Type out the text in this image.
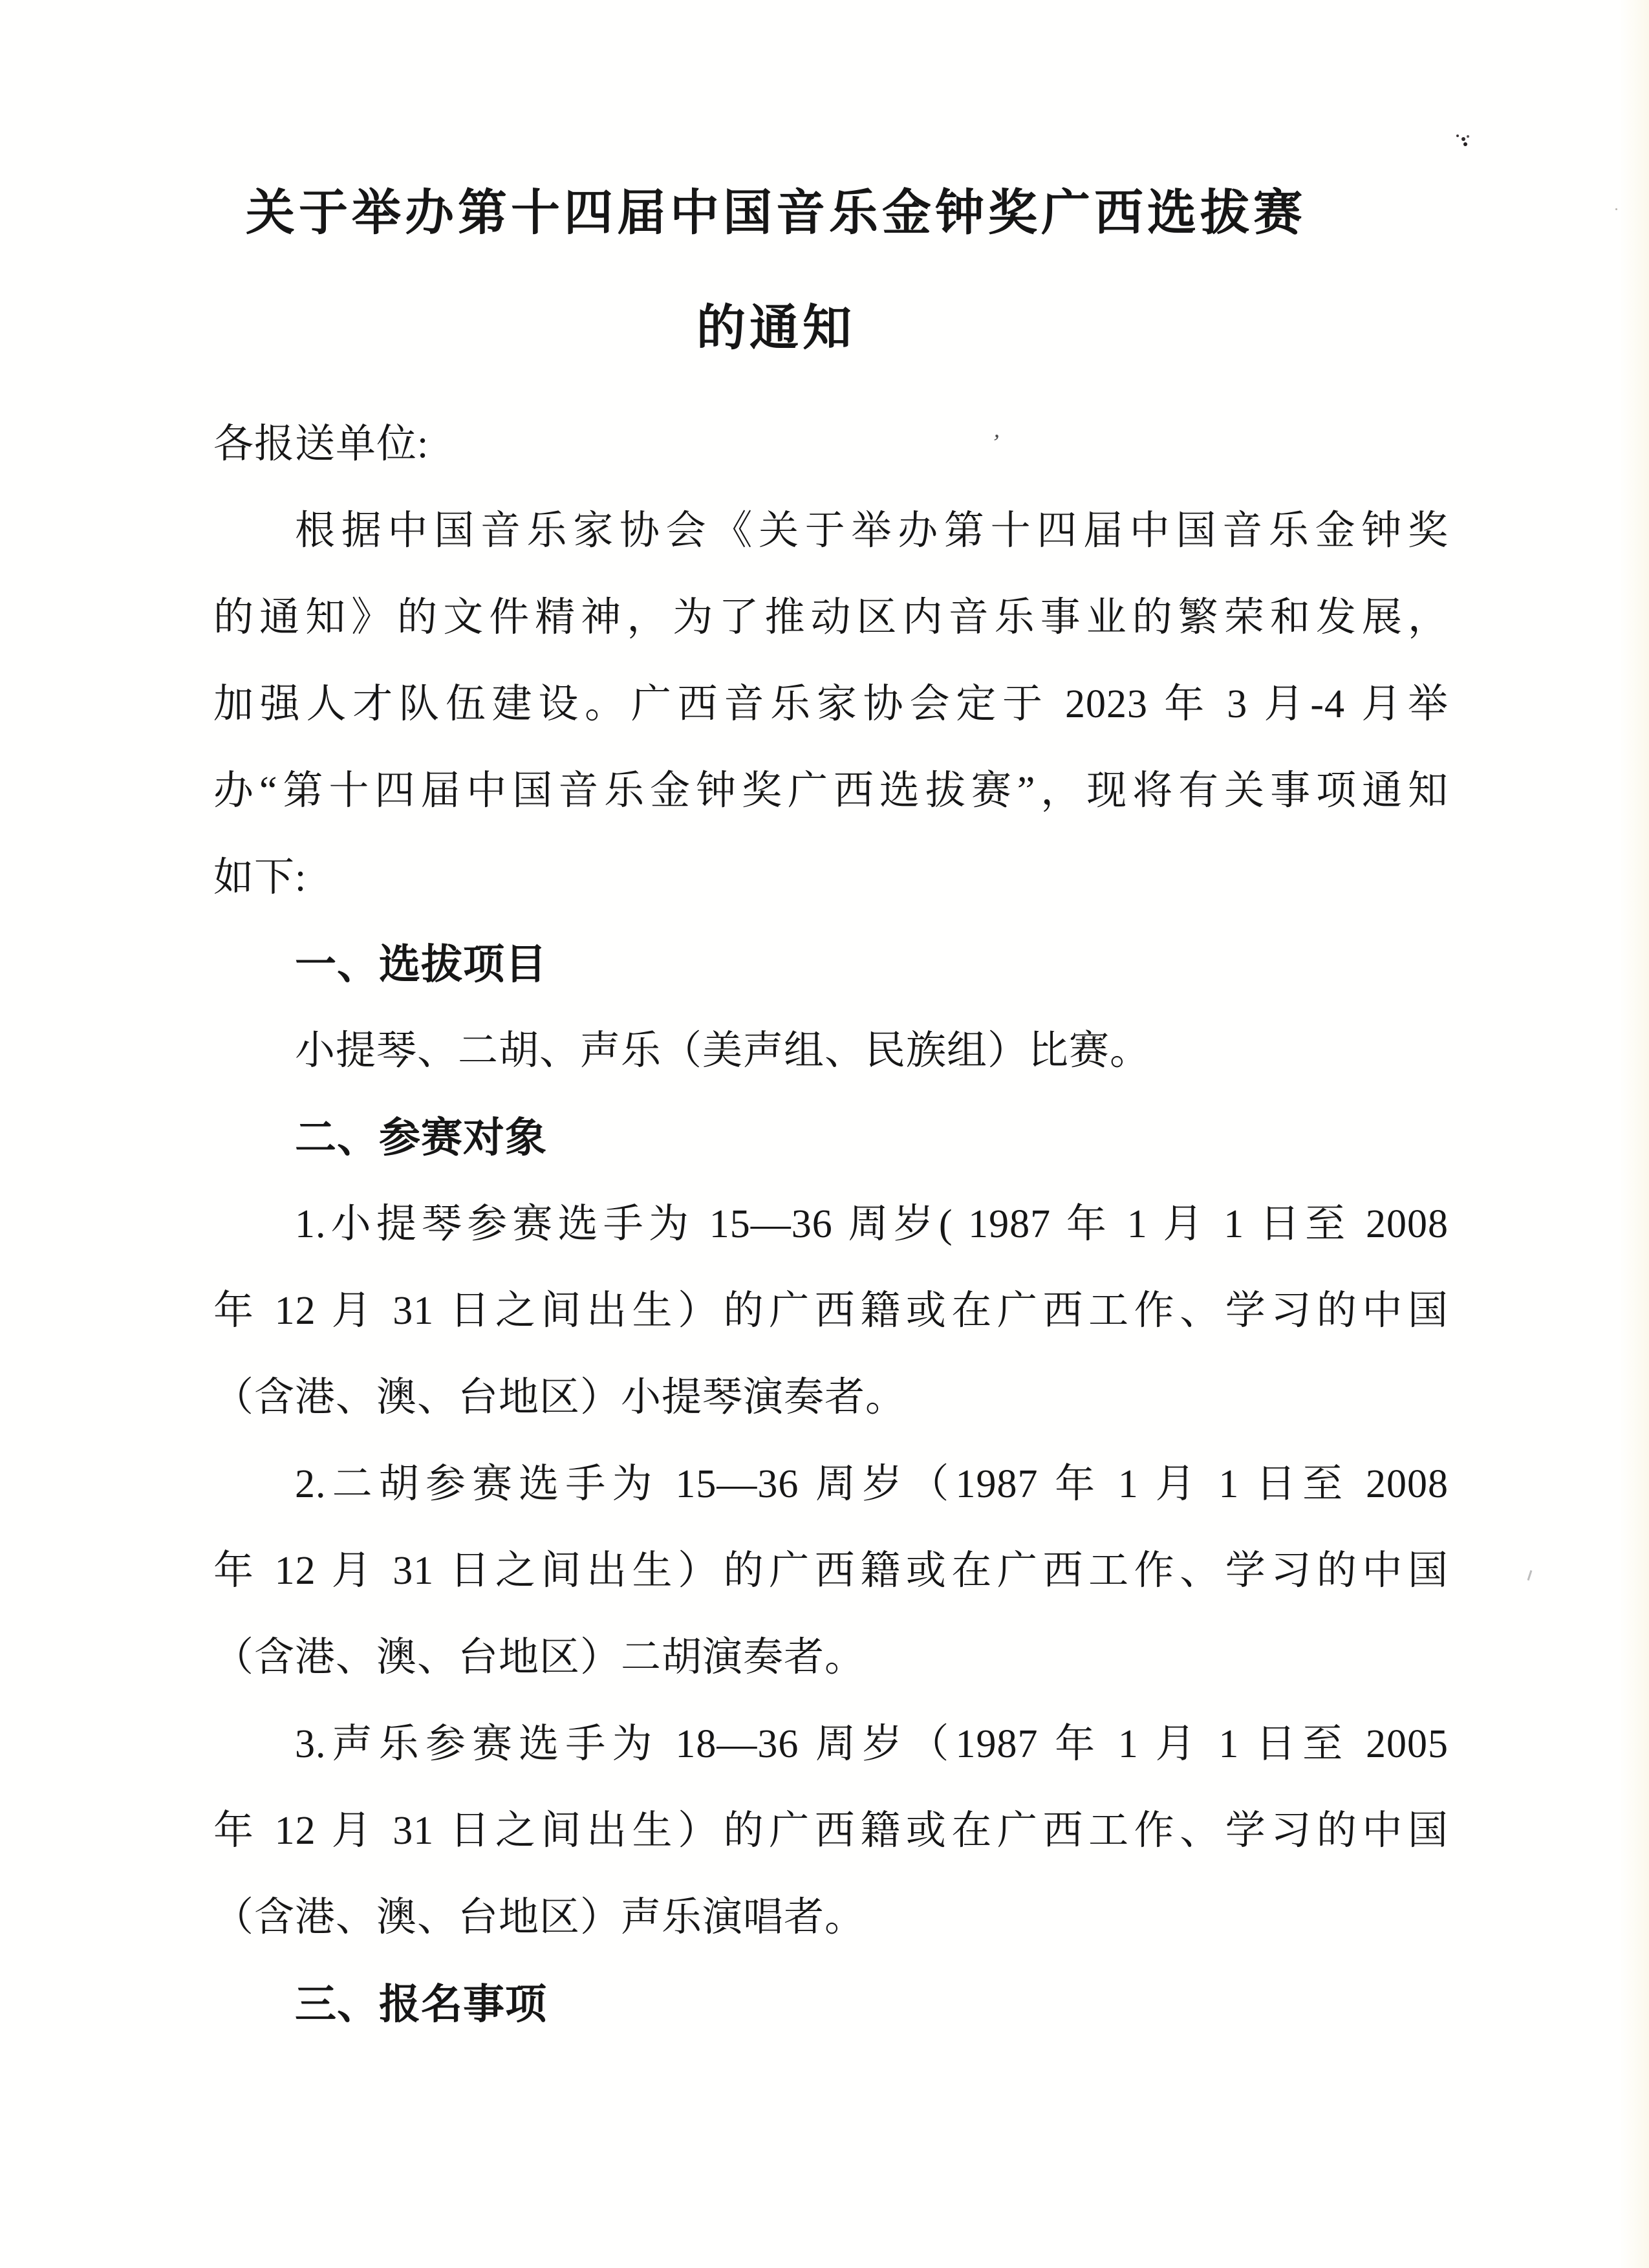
’
关于举办第十四届中国音乐金钟奖广西选拔赛
的通知
各报送单位:
根据中国音乐家协会《关于举办第十四届中国音乐金钟奖
的通知》的文件精神，为了推动区内音乐事业的繁荣和发展，
加强人才队伍建设。广西音乐家协会定于 2023 年 3 月-4 月举
办“第十四届中国音乐金钟奖广西选拔赛”，现将有关事项通知
如下:
一、选拔项目
小提琴、二胡、声乐（美声组、民族组）比赛。
二、参赛对象
1.小提琴参赛选手为 15—36 周岁( 1987 年 1 月 1 日至 2008
年 12 月 31 日之间出生）的广西籍或在广西工作、学习的中国
（含港、澳、台地区）小提琴演奏者。
2.二胡参赛选手为 15—36 周岁（1987 年 1 月 1 日至 2008
年 12 月 31 日之间出生）的广西籍或在广西工作、学习的中国
（含港、澳、台地区）二胡演奏者。
3.声乐参赛选手为 18—36 周岁（1987 年 1 月 1 日至 2005
年 12 月 31 日之间出生）的广西籍或在广西工作、学习的中国
（含港、澳、台地区）声乐演唱者。
三、报名事项
